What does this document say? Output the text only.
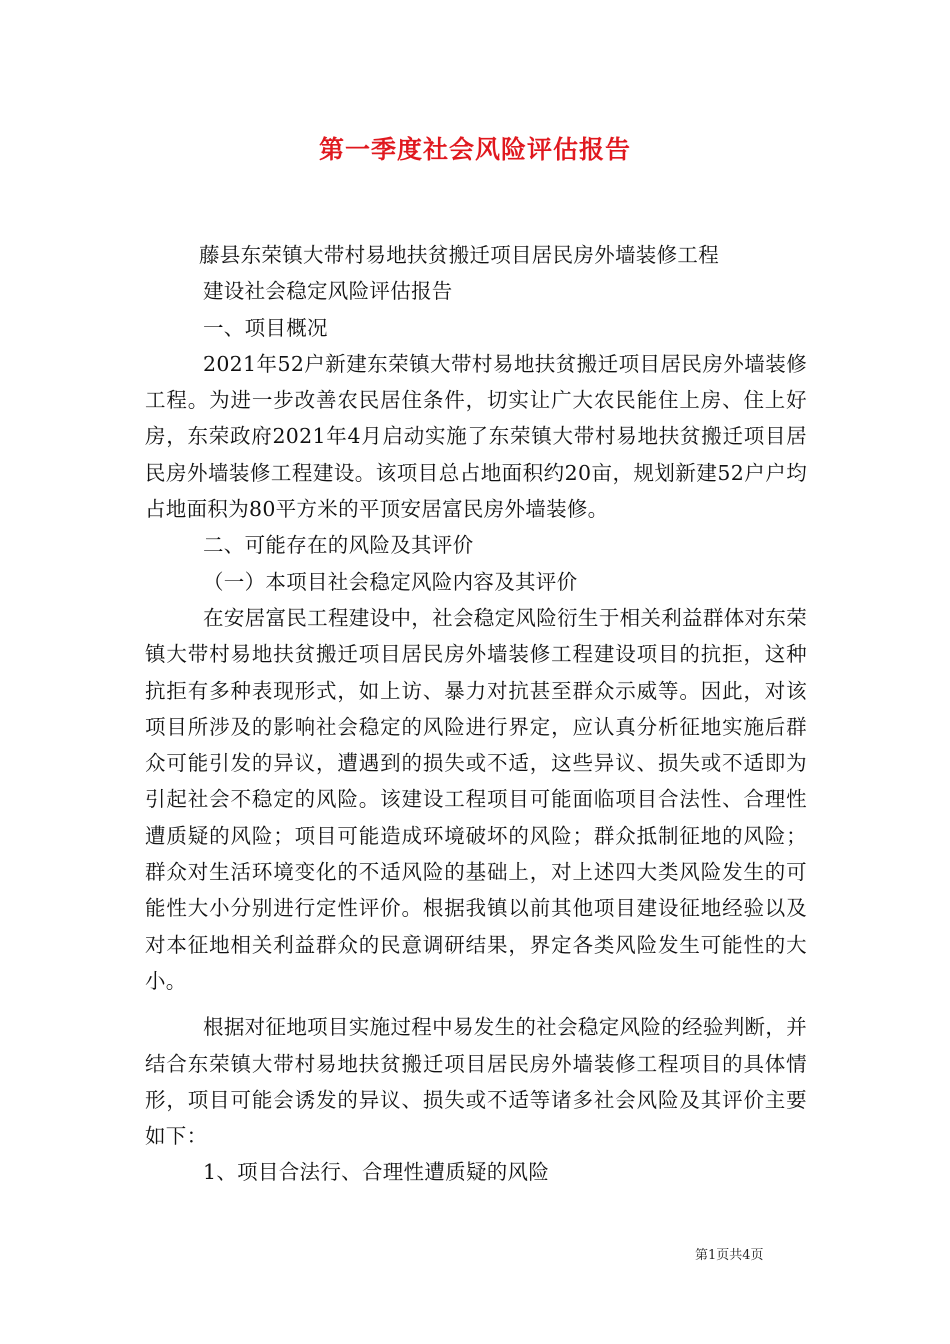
第一季度社会风险评估报告

藤县东荣镇大带村易地扶贫搬迁项目居民房外墙装修工程

建设社会稳定风险评估报告

一、项目概况

2021年52户新建东荣镇大带村易地扶贫搬迁项目居民房外墙装修工程。为进一步改善农民居住条件，切实让广大农民能住上房、住上好房，东荣政府2021年4月启动实施了东荣镇大带村易地扶贫搬迁项目居民房外墙装修工程建设。该项目总占地面积约20亩，规划新建52户户均占地面积为80平方米的平顶安居富民房外墙装修。

二、可能存在的风险及其评价

（一）本项目社会稳定风险内容及其评价

在安居富民工程建设中，社会稳定风险衍生于相关利益群体对东荣镇大带村易地扶贫搬迁项目居民房外墙装修工程建设项目的抗拒，这种抗拒有多种表现形式，如上访、暴力对抗甚至群众示威等。因此，对该项目所涉及的影响社会稳定的风险进行界定，应认真分析征地实施后群众可能引发的异议，遭遇到的损失或不适，这些异议、损失或不适即为引起社会不稳定的风险。该建设工程项目可能面临项目合法性、合理性遭质疑的风险；项目可能造成环境破坏的风险；群众抵制征地的风险；群众对生活环境变化的不适风险的基础上，对上述四大类风险发生的可能性大小分别进行定性评价。根据我镇以前其他项目建设征地经验以及对本征地相关利益群众的民意调研结果，界定各类风险发生可能性的大小。

根据对征地项目实施过程中易发生的社会稳定风险的经验判断，并结合东荣镇大带村易地扶贫搬迁项目居民房外墙装修工程项目的具体情形，项目可能会诱发的异议、损失或不适等诸多社会风险及其评价主要如下：

1、项目合法行、合理性遭质疑的风险

第1页共4页
